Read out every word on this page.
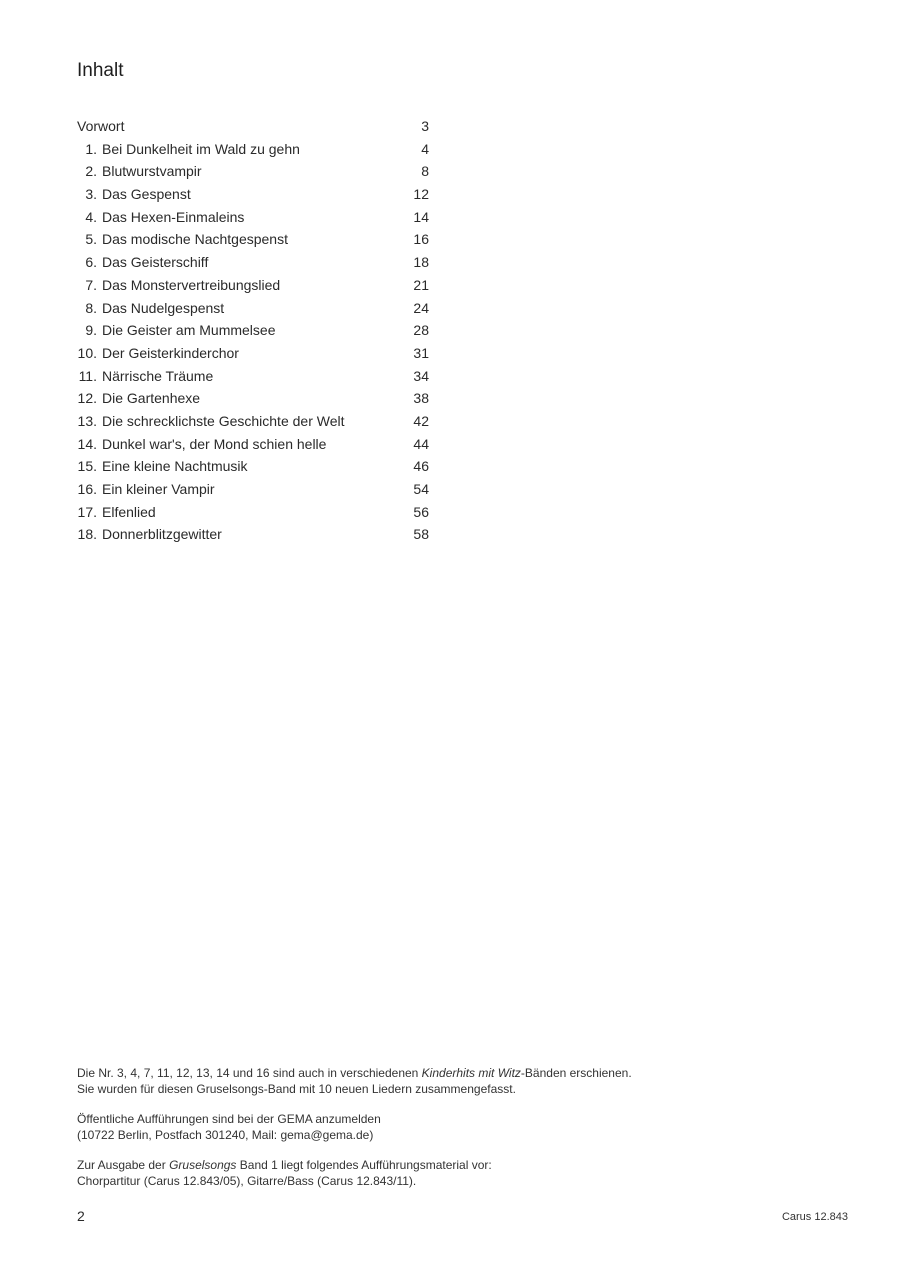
Inhalt
Vorwort	3
1. Bei Dunkelheit im Wald zu gehn	4
2. Blutwurstvampir	8
3. Das Gespenst	12
4. Das Hexen-Einmaleins	14
5. Das modische Nachtgespenst	16
6. Das Geisterschiff	18
7. Das Monstervertreibungslied	21
8. Das Nudelgespenst	24
9. Die Geister am Mummelsee	28
10. Der Geisterkinderchor	31
11. Närrische Träume	34
12. Die Gartenhexe	38
13. Die schrecklichste Geschichte der Welt	42
14. Dunkel war's, der Mond schien helle	44
15. Eine kleine Nachtmusik	46
16. Ein kleiner Vampir	54
17. Elfenlied	56
18. Donnerblitzgewitter	58

Die Nr. 3, 4, 7, 11, 12, 13, 14 und 16 sind auch in verschiedenen Kinderhits mit Witz-Bänden erschienen.
Sie wurden für diesen Gruselsongs-Band mit 10 neuen Liedern zusammengefasst.

Öffentliche Aufführungen sind bei der GEMA anzumelden
(10722 Berlin, Postfach 301240, Mail: gema@gema.de)

Zur Ausgabe der Gruselsongs Band 1 liegt folgendes Aufführungsmaterial vor:
Chorpartitur (Carus 12.843/05), Gitarre/Bass (Carus 12.843/11).

2	Carus 12.843
